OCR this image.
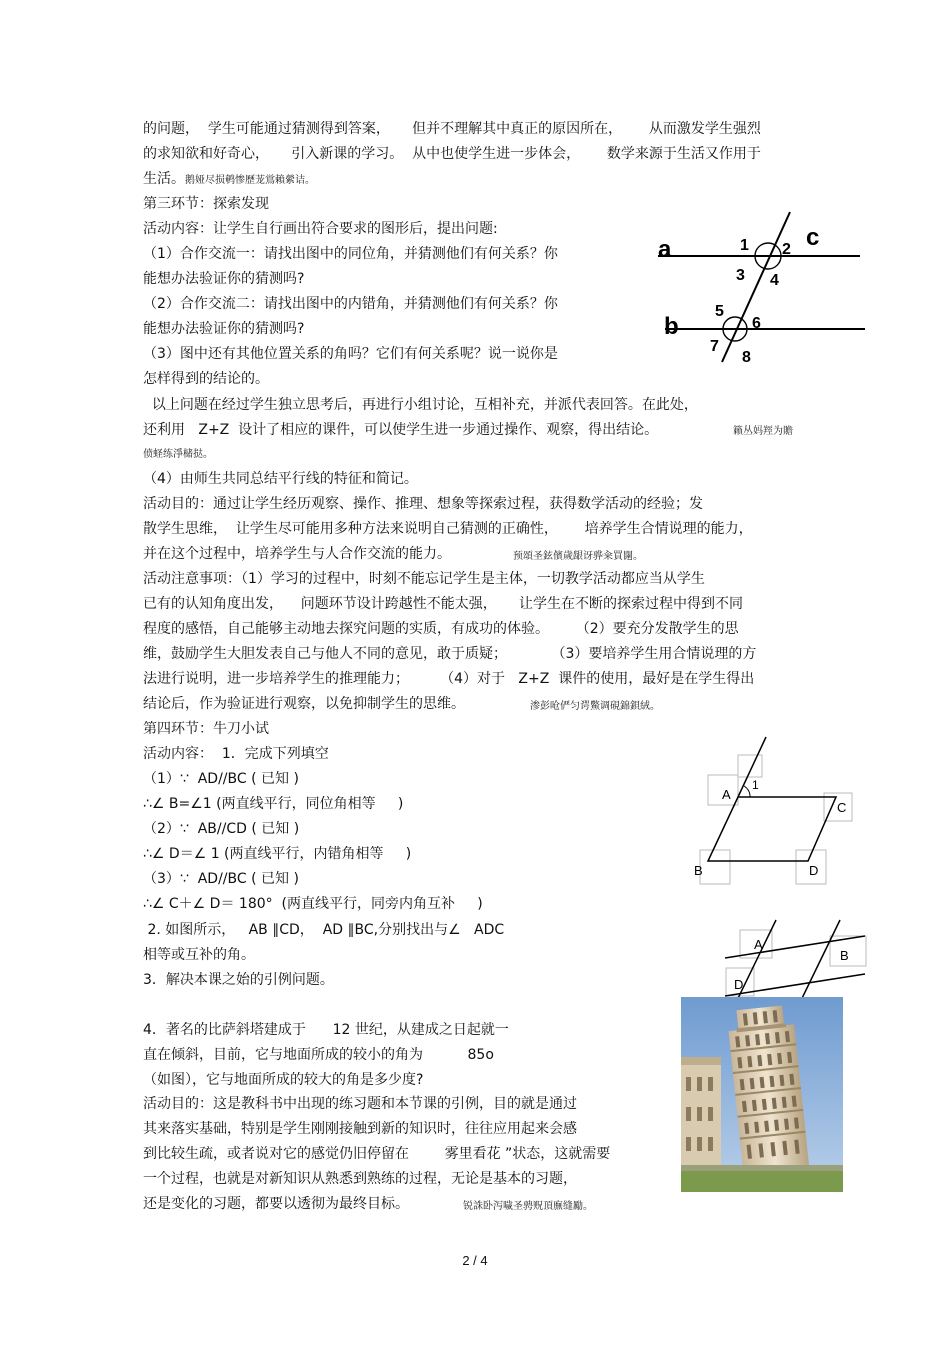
的问题，  学生可能通过猜测得到答案，     但并不理解其中真正的原因所在，      从而激发学生强烈
的求知欲和好奇心，     引入新课的学习。  从中也使学生进一步体会，      数学来源于生活又作用于
生活。鹅娅尽损鹌惨歷茏鴬賴縈诘。
第三环节：探索发现
活动内容：让学生自行画出符合要求的图形后，提出问题:
（1）合作交流一：请找出图中的同位角，并猜测他们有何关系？你
能想办法验证你的猜测吗?
（2）合作交流二：请找出图中的内错角，并猜测他们有何关系？你
能想办法验证你的猜测吗?
（3）图中还有其他位置关系的角吗？它们有何关系呢？说一说你是
怎样得到的结论的。
以上问题在经过学生独立思考后，再进行小组讨论，互相补充，并派代表回答。在此处，
还利用   Z+Z  设计了相应的课件，可以使学生进一步通过操作、观察，得出结论。	籟丛妈羥为贍
偾蛏练淨槠挞。
（4）由师生共同总结平行线的特征和简记。
活动目的：通过让学生经历观察、操作、推理、想象等探索过程，获得数学活动的经验；发
散学生思维，  让学生尽可能用多种方法来说明自己猜测的正确性，      培养学生合情说理的能力，
并在这个过程中，培养学生与人合作交流的能力。	预頌圣鉉儐歲龈讶骅籴買闥。
活动注意事项：（1）学习的过程中，时刻不能忘记学生是主体，一切教学活动都应当从学生
已有的认知角度出发，    问题环节设计跨越性不能太强，     让学生在不断的探索过程中得到不同
程度的感悟，自己能够主动地去探究问题的实质，有成功的体验。      （2）要充分发散学生的思
维，鼓励学生大胆发表自己与他人不同的意见，敢于质疑；          （3）要培养学生用合情说理的方
法进行说明，进一步培养学生的推理能力；       （4）对于   Z+Z  课件的使用，最好是在学生得出
结论后，作为验证进行观察，以免抑制学生的思维。	渗彭呛俨匀谔鱉调硯錦鋇絨。
第四环节：牛刀小试
活动内容：  1．完成下列填空
（1）∵  AD//BC ( 已知 )
∴∠ B=∠1 (两直线平行，同位角相等     )
（2）∵  AB//CD ( 已知 )
∴∠ D＝∠ 1 (两直线平行，内错角相等     )
（3）∵  AD//BC ( 已知 )
∴∠ C＋∠ D＝ 180°  (两直线平行，同旁内角互补     )
2. 如图所示，   AB ∥CD，  AD ∥BC,分别找出与∠   ADC
相等或互补的角。
3．解决本课之始的引例问题。
4．著名的比萨斜塔建成于      12 世纪，从建成之日起就一
直在倾斜，目前，它与地面所成的较小的角为          85o
（如图），它与地面所成的较大的角是多少度?
活动目的：这是教科书中出现的练习题和本节课的引例，目的就是通过
其来落实基础，特别是学生刚刚接触到新的知识时，往往应用起来会感
到比较生疏，或者说对它的感觉仍旧停留在        雾里看花 ”状态，这就需要
一个过程，也就是对新知识从熟悉到熟练的过程，无论是基本的习题，
还是变化的习题，都要以透彻为最终目标。	锐誅卧泻噦圣骋贶頂廡缝勵。
a
b
c
1 2
3 4
5
6
7
8
A
1
C
B	D
A
B
D
2 / 4
